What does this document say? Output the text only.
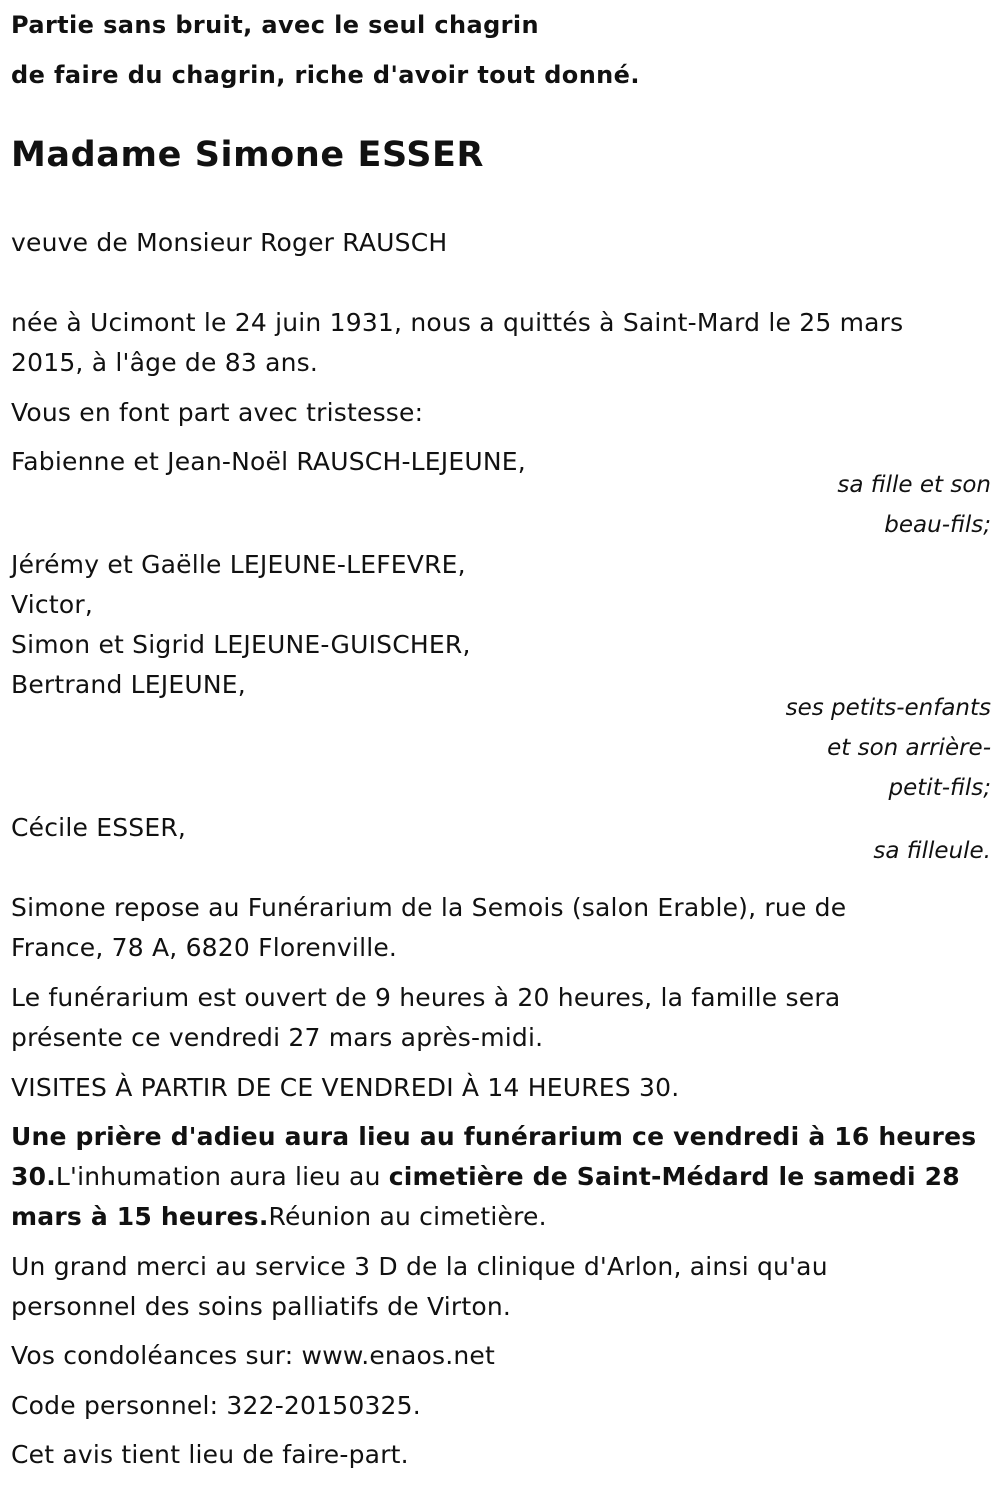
Partie sans bruit, avec le seul chagrin
de faire du chagrin, riche d'avoir tout donné.
Madame Simone ESSER
veuve de Monsieur Roger RAUSCH
née à Ucimont le 24 juin 1931, nous a quittés à Saint-Mard le 25 mars
2015, à l'âge de 83 ans.
Vous en font part avec tristesse:
Fabienne et Jean-Noël RAUSCH-LEJEUNE,
sa fille et son
beau-fils;
Jérémy et Gaëlle LEJEUNE-LEFEVRE,
Victor,
Simon et Sigrid LEJEUNE-GUISCHER,
Bertrand LEJEUNE,
ses petits-enfants
et son arrière-
petit-fils;
Cécile ESSER,
sa filleule.
Simone repose au Funérarium de la Semois (salon Erable), rue de
France, 78 A, 6820 Florenville.
Le funérarium est ouvert de 9 heures à 20 heures, la famille sera
présente ce vendredi 27 mars après-midi.
VISITES À PARTIR DE CE VENDREDI À 14 HEURES 30.
Une prière d'adieu aura lieu au funérarium ce vendredi à 16 heures
30.L'inhumation aura lieu au cimetière de Saint-Médard le samedi 28
mars à 15 heures.Réunion au cimetière.
Un grand merci au service 3 D de la clinique d'Arlon, ainsi qu'au
personnel des soins palliatifs de Virton.
Vos condoléances sur: www.enaos.net
Code personnel: 322-20150325.
Cet avis tient lieu de faire-part.
